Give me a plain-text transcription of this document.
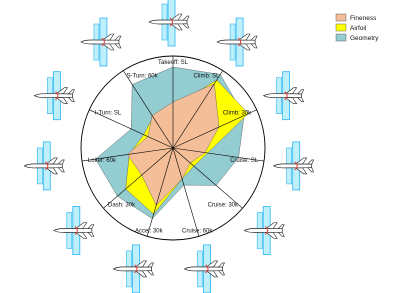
Takeoff: SL
Climb: SL
Climb: 30k
Cruise: SL
Cruise: 30k
Cruise: 60k
Accel: 30k
Dash: 30k
Loiter: 60k
I-Turn: SL
S-Turn: 60k
Fineness
Airfoil
Geometry
